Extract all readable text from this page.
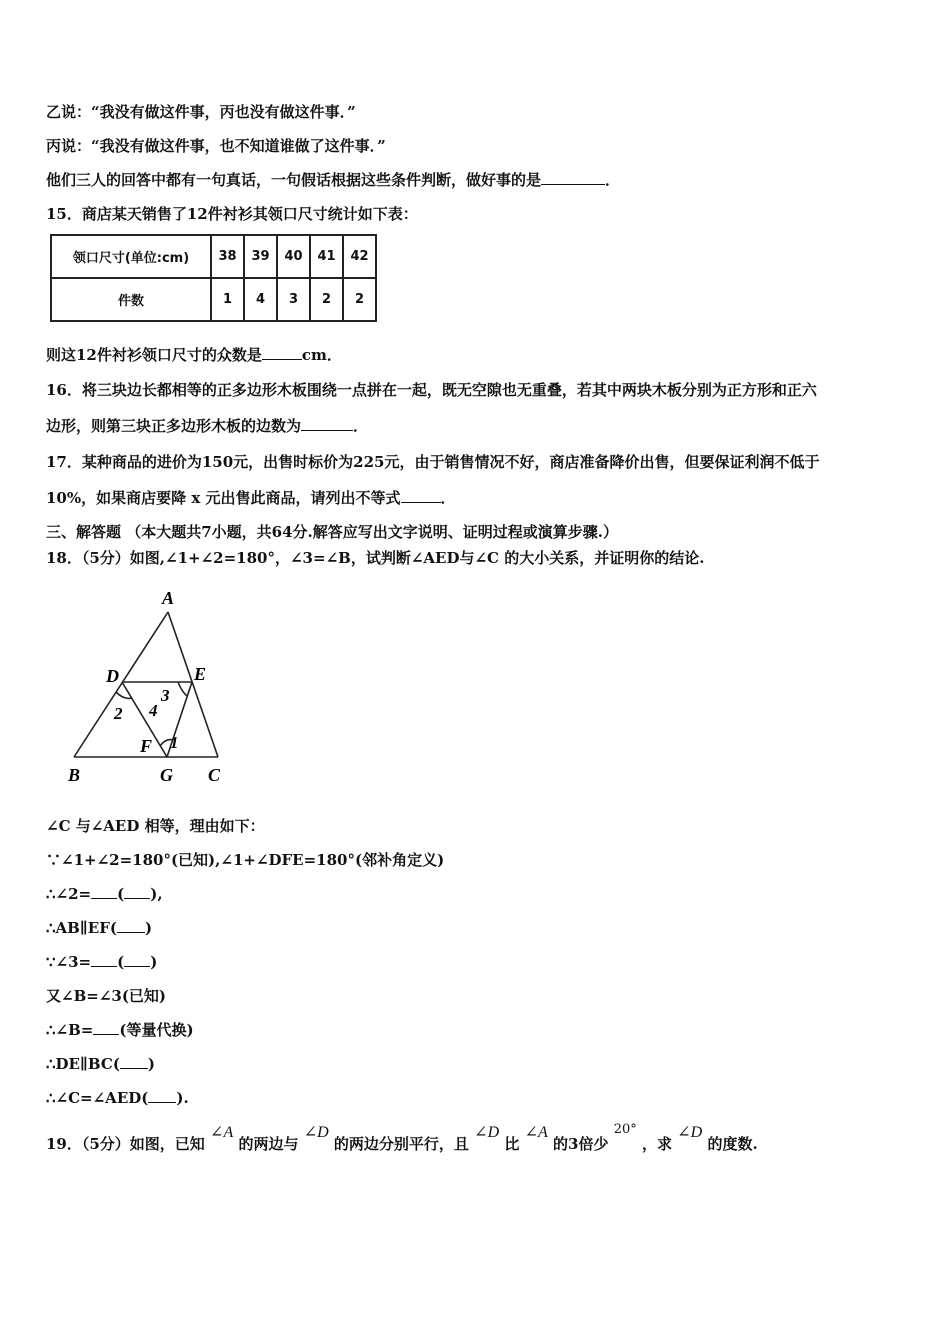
乙说：“我没有做这件事，丙也没有做这件事．”
丙说：“我没有做这件事，也不知道谁做了这件事．”
他们三人的回答中都有一句真话，一句假话根据这些条件判断，做好事的是	．
15．商店某天销售了12件衬衫其领口尺寸统计如下表：
领口尺寸(单位:cm)	38	39	40	41	42
件数	1	4	3	2	2
则这12件衬衫领口尺寸的众数是	cm．
16．将三块边长都相等的正多边形木板围绕一点拼在一起，既无空隙也无重叠，若其中两块木板分别为正方形和正六
边形，则第三块正多边形木板的边数为	．
17．某种商品的进价为150元，出售时标价为225元，由于销售情况不好，商店准备降价出售，但要保证利润不低于
10%，如果商店要降 x 元出售此商品，请列出不等式	．
三、解答题 （本大题共7小题，共64分.解答应写出文字说明、证明过程或演算步骤.）
18．（5分）如图,∠1+∠2=180°，∠3=∠B，试判断∠AED与∠C 的大小关系，并证明你的结论.
A
D	E
B	G C
F 1
2
3
4
∠C 与∠AED 相等，理由如下：
∵∠1+∠2=180°(已知),∠1+∠DFE=180°(邻补角定义)
∴∠2= ( ),
∴AB∥EF( )
∵∠3= ( )
又∠B=∠3(已知)
∴∠B= (等量代换)
∴DE∥BC( )
∴∠C=∠AED( ).
19．（5分）如图，已知 ∠A 的两边与 ∠D 的两边分别平行，且 ∠D 比 ∠A 的3倍少 20° ，求 ∠D 的度数.
